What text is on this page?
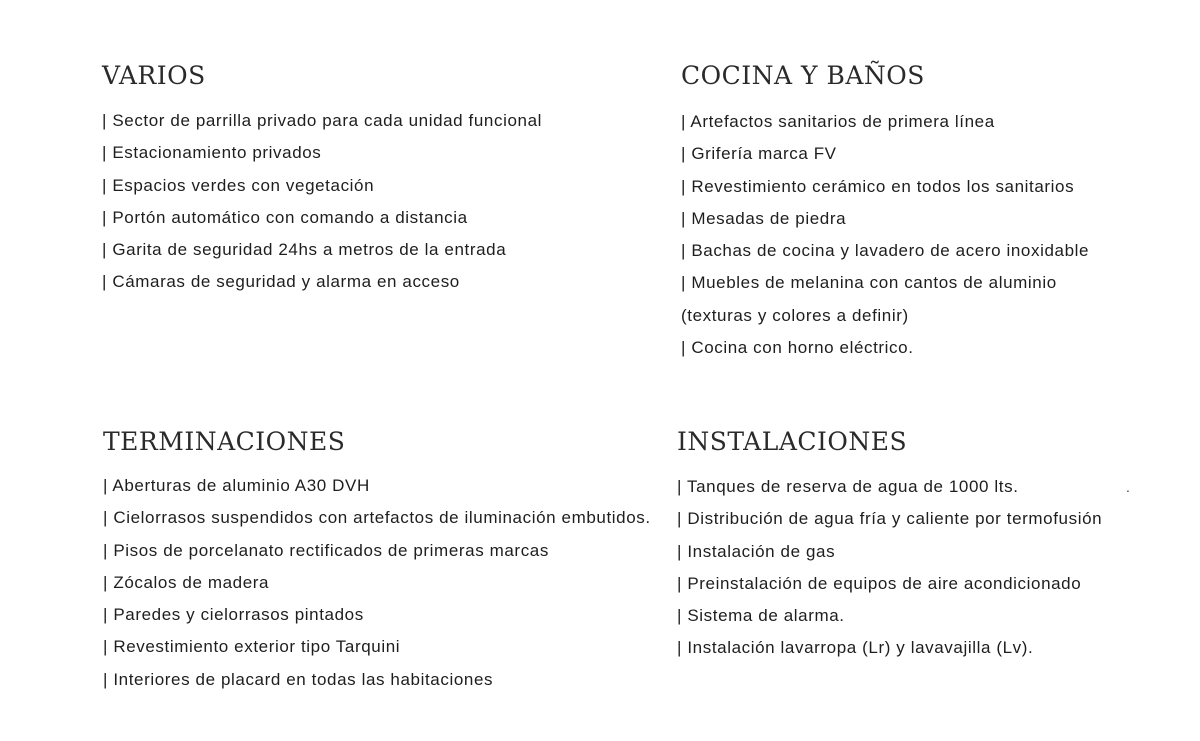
VARIOS
| Sector de parrilla privado para cada unidad funcional
| Estacionamiento privados
| Espacios verdes con vegetación
| Portón automático con comando a distancia
| Garita de seguridad 24hs a metros de la entrada
| Cámaras de seguridad y alarma en acceso
COCINA Y BAÑOS
| Artefactos sanitarios de primera línea
| Grifería marca FV
| Revestimiento cerámico en todos los sanitarios
| Mesadas de piedra
| Bachas de cocina y lavadero de acero inoxidable
| Muebles de melanina con cantos de aluminio
(texturas y colores a definir)
| Cocina con horno eléctrico.
TERMINACIONES
| Aberturas de aluminio A30 DVH
| Cielorrasos suspendidos con artefactos de iluminación embutidos.
| Pisos de porcelanato rectificados de primeras marcas
| Zócalos de madera
| Paredes y cielorrasos pintados
| Revestimiento exterior tipo Tarquini
| Interiores de placard en todas las habitaciones
INSTALACIONES
| Tanques de reserva de agua de 1000 lts.
| Distribución de agua fría y caliente por termofusión
| Instalación de gas
| Preinstalación de equipos de aire acondicionado
| Sistema de alarma.
| Instalación lavarropa (Lr) y lavavajilla (Lv).
.
